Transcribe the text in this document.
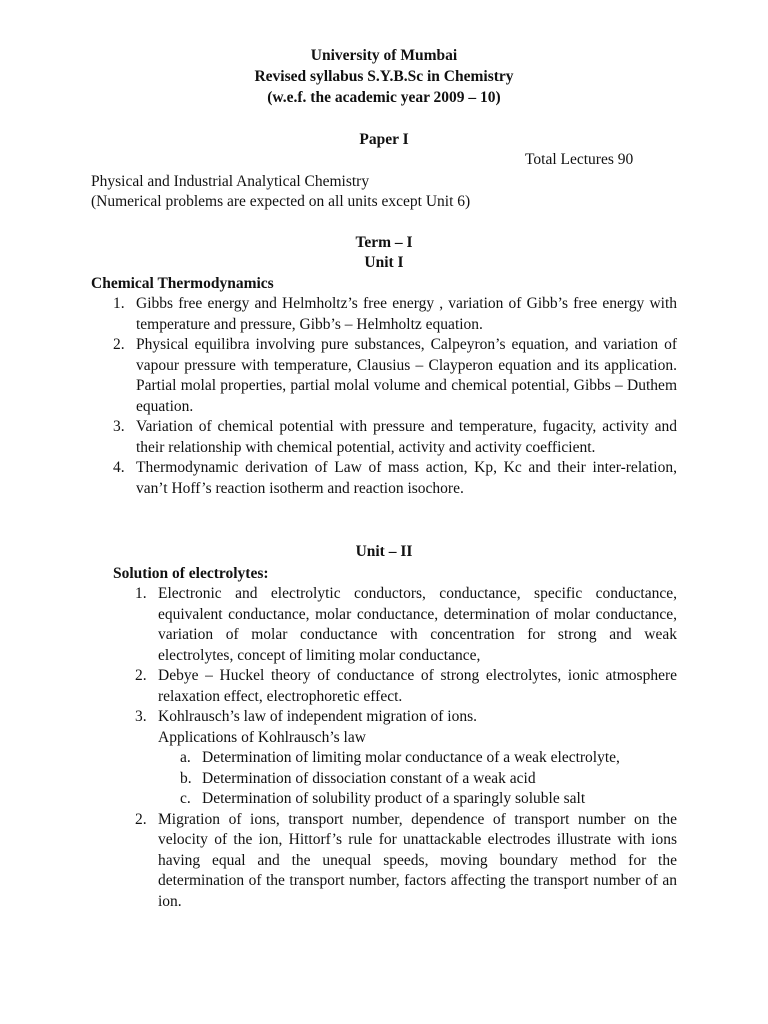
University of Mumbai
Revised syllabus S.Y.B.Sc in Chemistry
(w.e.f. the academic year 2009 – 10)
Paper I
Total Lectures 90
Physical and Industrial Analytical Chemistry
(Numerical problems are expected on all units except Unit 6)
Term – I
Unit I
Chemical Thermodynamics
1. Gibbs free energy and Helmholtz’s free energy , variation of Gibb’s free energy with temperature and pressure, Gibb’s – Helmholtz equation.
2. Physical equilibra involving pure substances, Calpeyron’s equation, and variation of vapour pressure with temperature, Clausius – Clayperon equation and its application. Partial molal properties, partial molal volume and chemical potential, Gibbs – Duthem equation.
3. Variation of chemical potential with pressure and temperature, fugacity, activity and their relationship with chemical potential, activity and activity coefficient.
4. Thermodynamic derivation of Law of mass action, Kp, Kc and their inter-relation, van’t Hoff’s reaction isotherm and reaction isochore.
Unit – II
Solution of electrolytes:
1. Electronic and electrolytic conductors, conductance, specific conductance, equivalent conductance, molar conductance, determination of molar conductance, variation of molar conductance with concentration for strong and weak electrolytes, concept of limiting molar conductance,
2. Debye – Huckel theory of conductance of strong electrolytes, ionic atmosphere relaxation effect, electrophoretic effect.
3. Kohlrausch’s law of independent migration of ions.
Applications of Kohlrausch’s law
a. Determination of limiting molar conductance of a weak electrolyte,
b. Determination of dissociation constant of a weak acid
c. Determination of solubility product of a sparingly soluble salt
2. Migration of ions, transport number, dependence of transport number on the velocity of the ion, Hittorf’s rule for unattackable electrodes illustrate with ions having equal and the unequal speeds, moving boundary method for the determination of the transport number, factors affecting the transport number of an ion.
